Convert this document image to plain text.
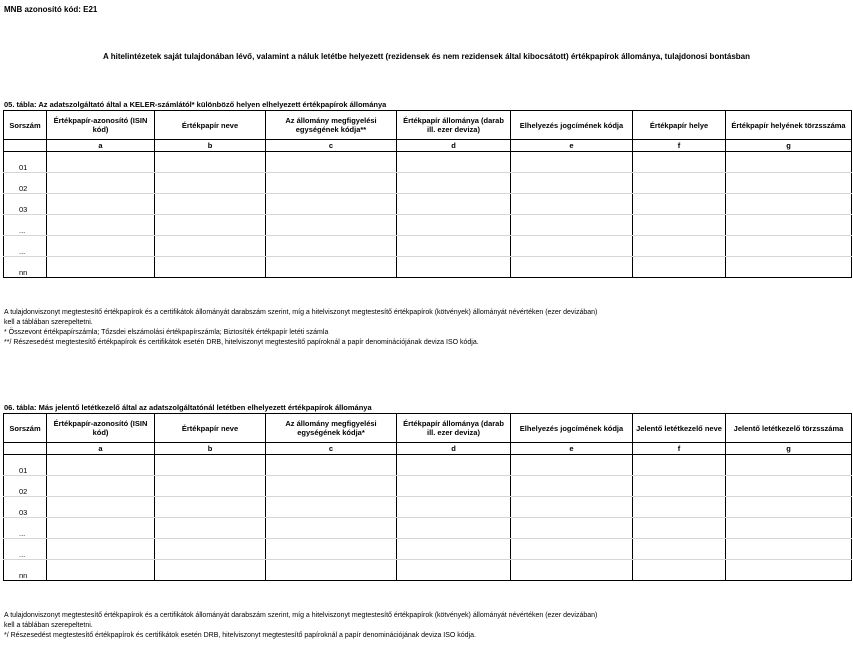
MNB azonosító kód: E21
A hitelintézetek saját tulajdonában lévő, valamint a náluk letétbe helyezett (rezidensek és nem rezidensek által kibocsátott) értékpapírok állománya, tulajdonosi bontásban
05. tábla: Az adatszolgáltató által a KELER-számlától* különböző helyen elhelyezett értékpapírok állománya
Sorszám	Értékpapír-azonosító (ISIN kód)	Értékpapír neve	Az állomány megfigyelési egységének kódja**	Értékpapír állománya (darab ill. ezer deviza)	Elhelyezés jogcímének kódja	Értékpapír helye	Értékpapír helyének törzsszáma
	a	b	c	d	e	f	g
01							
02							
03							
...							
...							
nn							
A tulajdonviszonyt megtestesítő értékpapírok és a certifikátok állományát darabszám szerint, míg a hitelviszonyt megtestesítő értékpapírok (kötvények) állományát névértéken (ezer devizában)
kell a táblában szerepeltetni.
* Összevont értékpapírszámla; Tőzsdei elszámolási értékpapírszámla; Biztosíték értékpapír letéti számla
**/ Részesedést megtestesítő értékpapírok és certifikátok esetén DRB, hitelviszonyt megtestesítő papíroknál a papír denominációjának deviza ISO kódja.
06. tábla: Más jelentő letétkezelő által az adatszolgáltatónál letétben elhelyezett értékpapírok állománya
Sorszám	Értékpapír-azonosító (ISIN kód)	Értékpapír neve	Az állomány megfigyelési egységének kódja*	Értékpapír állománya (darab ill. ezer deviza)	Elhelyezés jogcímének kódja	Jelentő letétkezelő neve	Jelentő letétkezelő törzsszáma
	a	b	c	d	e	f	g
01							
02							
03							
...							
...							
nn							
A tulajdonviszonyt megtestesítő értékpapírok és a certifikátok állományát darabszám szerint, míg a hitelviszonyt megtestesítő értékpapírok (kötvények) állományát névértéken (ezer devizában)
kell a táblában szerepeltetni.
*/ Részesedést megtestesítő értékpapírok és certifikátok esetén DRB, hitelviszonyt megtestesítő papíroknál a papír denominációjának deviza ISO kódja.
